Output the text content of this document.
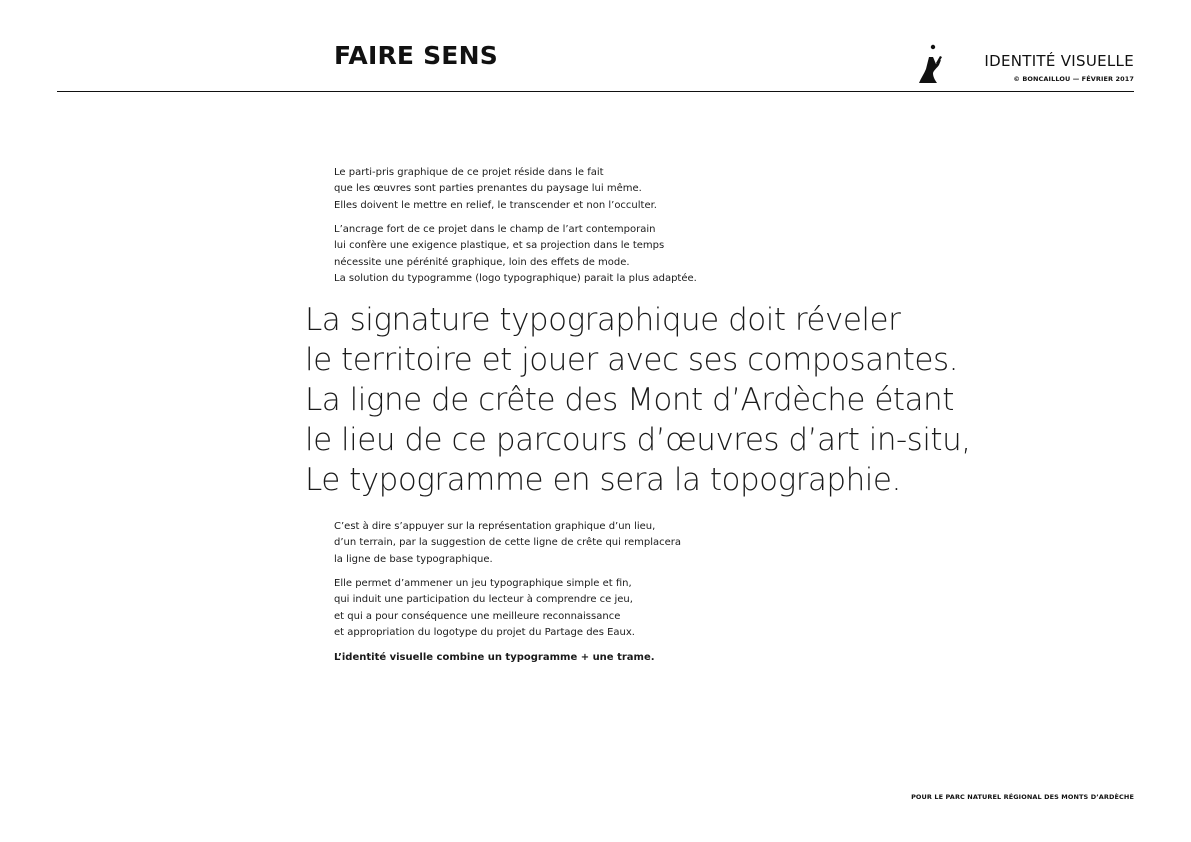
FAIRE SENS	IDENTITÉ VISUELLE
© BONCAILLOU — FÉVRIER 2017

Le parti-pris graphique de ce projet réside dans le fait
que les œuvres sont parties prenantes du paysage lui même.
Elles doivent le mettre en relief, le transcender et non l’occulter.

L’ancrage fort de ce projet dans le champ de l’art contemporain
lui confère une exigence plastique, et sa projection dans le temps
nécessite une pérénité graphique, loin des effets de mode.
La solution du typogramme (logo typographique) parait la plus adaptée.

La signature typographique doit réveler
le territoire et jouer avec ses composantes.
La ligne de crête des Mont d’Ardèche étant
le lieu de ce parcours d’œuvres d’art in-situ,
Le typogramme en sera la topographie.

C’est à dire s’appuyer sur la représentation graphique d’un lieu,
d’un terrain, par la suggestion de cette ligne de crête qui remplacera
la ligne de base typographique.

Elle permet d’ammener un jeu typographique simple et fin,
qui induit une participation du lecteur à comprendre ce jeu,
et qui a pour conséquence une meilleure reconnaissance
et appropriation du logotype du projet du Partage des Eaux.

L’identité visuelle combine un typogramme + une trame.

POUR LE PARC NATUREL RÉGIONAL DES MONTS D’ARDÈCHE
